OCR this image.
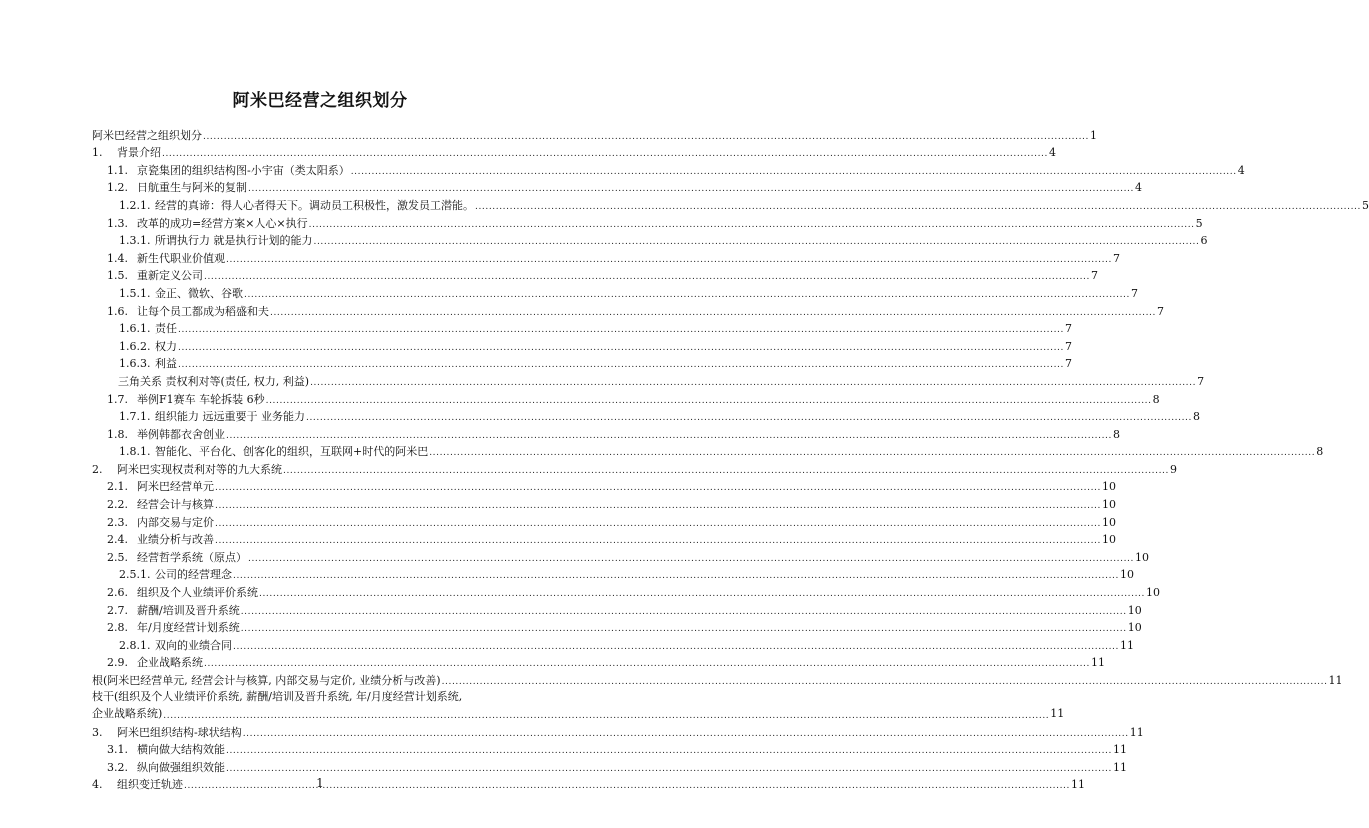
阿米巴经营之组织划分
阿米巴经营之组织划分 .....	1
1.	背景介绍 .....	4
1.1. 京瓷集团的组织结构图-小宇宙（类太阳系） .....	4
1.2. 日航重生与阿米的复制 .....	4
1.2.1. 经营的真谛：得人心者得天下。调动员工积极性，激发员工潜能。 .....	5
1.3. 改革的成功=经营方案×人心×执行 .....	5
1.3.1. 所谓执行力 就是执行计划的能力 .....	6
1.4. 新生代职业价值观 .....	7
1.5. 重新定义公司 .....	7
1.5.1. 金正、微软、谷歌 .....	7
1.6. 让每个员工都成为稻盛和夫 .....	7
1.6.1. 责任 .....	7
1.6.2. 权力 .....	7
1.6.3. 利益 .....	7
三角关系 责权利对等(责任, 权力, 利益) .....	7
1.7. 举例F1赛车 车轮拆装 6秒 .....	8
1.7.1. 组织能力 远远重要于 业务能力 .....	8
1.8. 举例韩都衣舍创业 .....	8
1.8.1. 智能化、平台化、创客化的组织，互联网+时代的阿米巴 .....	8
2.	阿米巴实现权责利对等的九大系统 .....	9
2.1. 阿米巴经营单元 .....	10
2.2. 经营会计与核算 .....	10
2.3. 内部交易与定价 .....	10
2.4. 业绩分析与改善 .....	10
2.5. 经营哲学系统（原点） .....	10
2.5.1. 公司的经营理念 .....	10
2.6. 组织及个人业绩评价系统 .....	10
2.7. 薪酬/培训及晋升系统 .....	10
2.8. 年/月度经营计划系统 .....	10
2.8.1. 双向的业绩合同 .....	11
2.9. 企业战略系统 .....	11
根(阿米巴经营单元, 经营会计与核算, 内部交易与定价, 业绩分析与改善) .....	11
枝干(组织及个人业绩评价系统, 薪酬/培训及晋升系统, 年/月度经营计划系统,
企业战略系统) .....	11
3.	阿米巴组织结构-球状结构 .....	11
3.1. 横向做大结构效能 .....	11
3.2. 纵向做强组织效能 .....	11
4.	组织变迁轨迹 .....	11
1
